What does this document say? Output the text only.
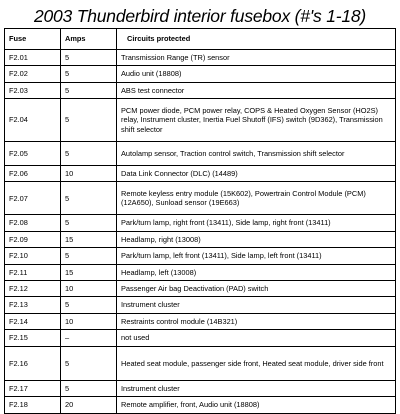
2003 Thunderbird interior fusebox (#'s 1-18)
Fuse	Amps	Circuits protected
F2.01	5	Transmission Range (TR) sensor
F2.02	5	Audio unit (18808)
F2.03	5	ABS test connector
F2.04	5	PCM power diode, PCM power relay, COPS & Heated Oxygen Sensor (HO2S) relay, Instrument cluster, Inertia Fuel Shutoff (IFS) switch (9D362), Transmission shift selector
F2.05	5	Autolamp sensor, Traction control switch, Transmission shift selector
F2.06	10	Data Link Connector (DLC) (14489)
F2.07	5	Remote keyless entry module (15K602), Powertrain Control Module (PCM) (12A650), Sunload sensor (19E663)
F2.08	5	Park/turn lamp, right front (13411), Side lamp, right front (13411)
F2.09	15	Headlamp, right (13008)
F2.10	5	Park/turn lamp, left front (13411), Side lamp, left front (13411)
F2.11	15	Headlamp, left (13008)
F2.12	10	Passenger Air bag Deactivation (PAD) switch
F2.13	5	Instrument cluster
F2.14	10	Restraints control module (14B321)
F2.15	–	not used
F2.16	5	Heated seat module, passenger side front, Heated seat module, driver side front
F2.17	5	Instrument cluster
F2.18	20	Remote amplifier, front, Audio unit (18808)
